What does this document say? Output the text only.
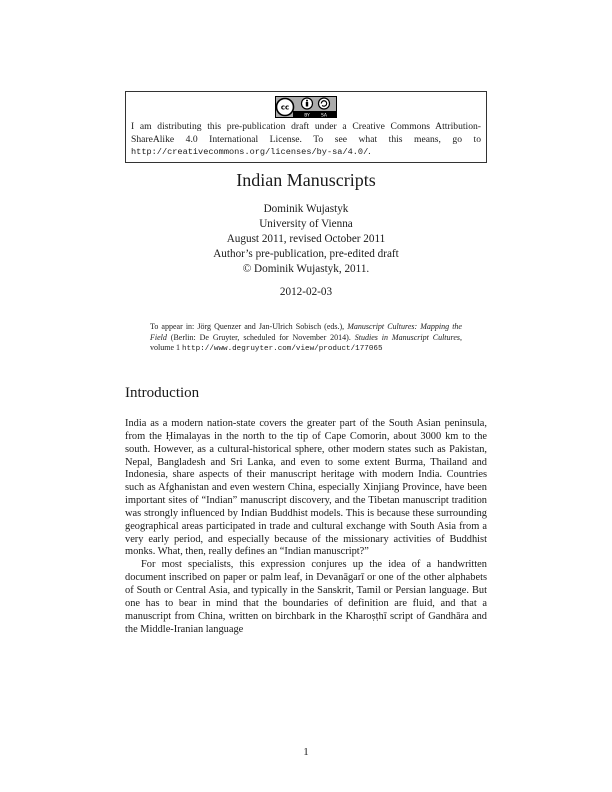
cc
BY SA
I am distributing this pre-publication draft under a Creative Commons Attribution-ShareAlike 4.0 International License. To see what this means, go to http://creativecommons.org/licenses/by-sa/4.0/.
Indian Manuscripts
Dominik Wujastyk
University of Vienna
August 2011, revised October 2011
Author’s pre-publication, pre-edited draft
© Dominik Wujastyk, 2011.
2012-02-03
To appear in: Jörg Quenzer and Jan-Ulrich Sobisch (eds.), Manuscript Cultures: Mapping the Field (Berlin: De Gruyter, scheduled for November 2014). Studies in Manuscript Cultures, volume 1 http://www.degruyter.com/view/product/177065
Introduction

India as a modern nation-state covers the greater part of the South Asian peninsula, from the Ḥimalayas in the north to the tip of Cape Comorin, about 3000 km to the south. However, as a cultural-historical sphere, other modern states such as Pakistan, Nepal, Bangladesh and Sri Lanka, and even to some extent Burma, Thailand and Indonesia, share aspects of their manuscript heritage with modern India. Countries such as Afghanistan and even western China, especially Xinjiang Province, have been important sites of “Indian” manuscript discovery, and the Tibetan manuscript tradition was strongly influenced by Indian Buddhist models. This is because these surrounding geographical areas participated in trade and cultural exchange with South Asia from a very early period, and especially because of the missionary activities of Buddhist monks. What, then, really defines an “Indian manuscript?”

For most specialists, this expression conjures up the idea of a handwritten document inscribed on paper or palm leaf, in Devanāgarī or one of the other alphabets of South or Central Asia, and typically in the Sanskrit, Tamil or Persian language. But one has to bear in mind that the boundaries of definition are fluid, and that a manuscript from China, written on birchbark in the Kharoṣṭhī script of Gandhāra and the Middle-Iranian language

1
